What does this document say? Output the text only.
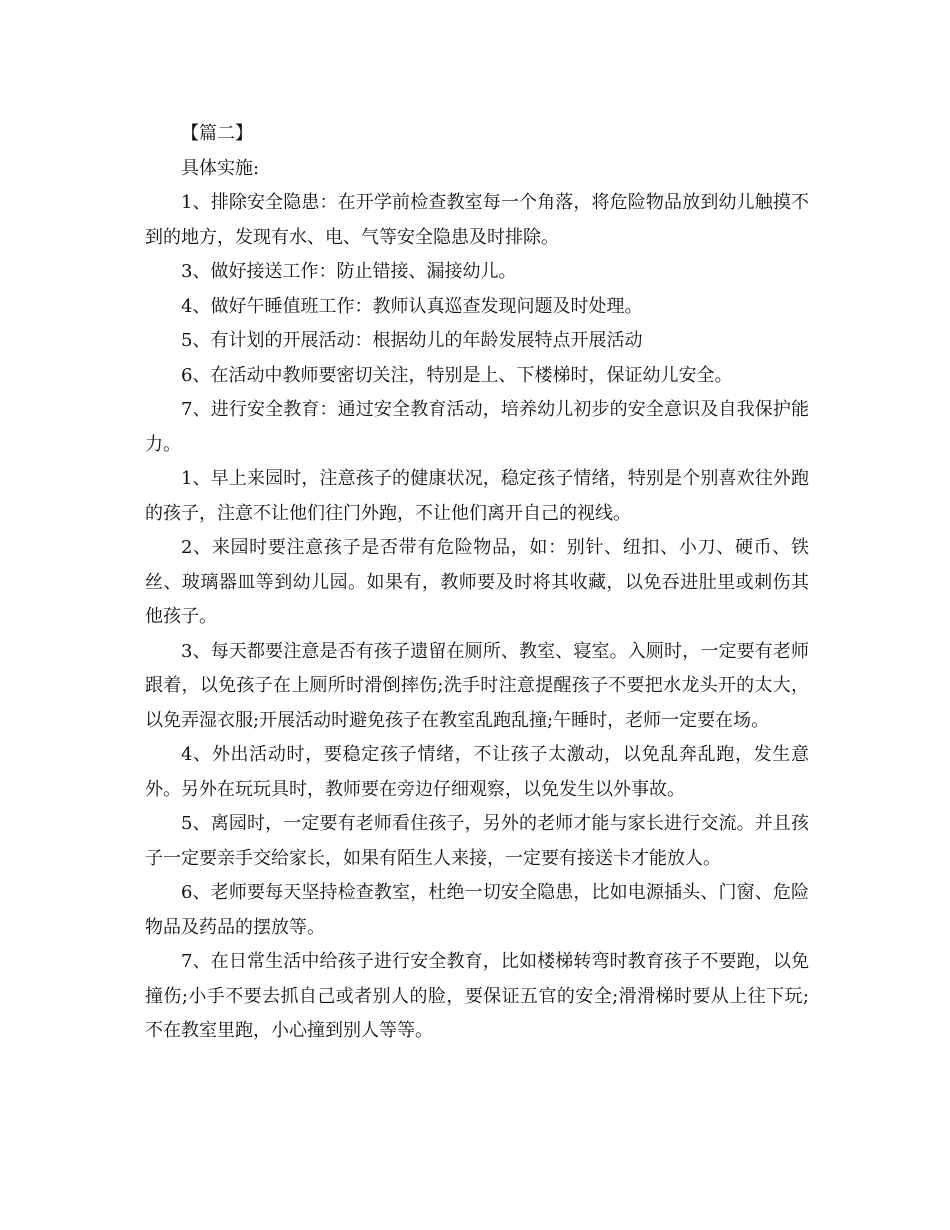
【篇二】

具体实施:

1、排除安全隐患：在开学前检查教室每一个角落，将危险物品放到幼儿触摸不到的地方，发现有水、电、气等安全隐患及时排除。

3、做好接送工作：防止错接、漏接幼儿。

4、做好午睡值班工作：教师认真巡查发现问题及时处理。

5、有计划的开展活动：根据幼儿的年龄发展特点开展活动

6、在活动中教师要密切关注，特别是上、下楼梯时，保证幼儿安全。

7、进行安全教育：通过安全教育活动，培养幼儿初步的安全意识及自我保护能力。

1、早上来园时，注意孩子的健康状况，稳定孩子情绪，特别是个别喜欢往外跑的孩子，注意不让他们往门外跑，不让他们离开自己的视线。

2、来园时要注意孩子是否带有危险物品，如：别针、纽扣、小刀、硬币、铁丝、玻璃器皿等到幼儿园。如果有，教师要及时将其收藏，以免吞进肚里或刺伤其他孩子。

3、每天都要注意是否有孩子遗留在厕所、教室、寝室。入厕时，一定要有老师跟着，以免孩子在上厕所时滑倒摔伤;洗手时注意提醒孩子不要把水龙头开的太大，以免弄湿衣服;开展活动时避免孩子在教室乱跑乱撞;午睡时，老师一定要在场。

4、外出活动时，要稳定孩子情绪，不让孩子太激动，以免乱奔乱跑，发生意外。另外在玩玩具时，教师要在旁边仔细观察，以免发生以外事故。

5、离园时，一定要有老师看住孩子，另外的老师才能与家长进行交流。并且孩子一定要亲手交给家长，如果有陌生人来接，一定要有接送卡才能放人。

6、老师要每天坚持检查教室，杜绝一切安全隐患，比如电源插头、门窗、危险物品及药品的摆放等。

7、在日常生活中给孩子进行安全教育，比如楼梯转弯时教育孩子不要跑，以免撞伤;小手不要去抓自己或者别人的脸，要保证五官的安全;滑滑梯时要从上往下玩;不在教室里跑，小心撞到别人等等。
